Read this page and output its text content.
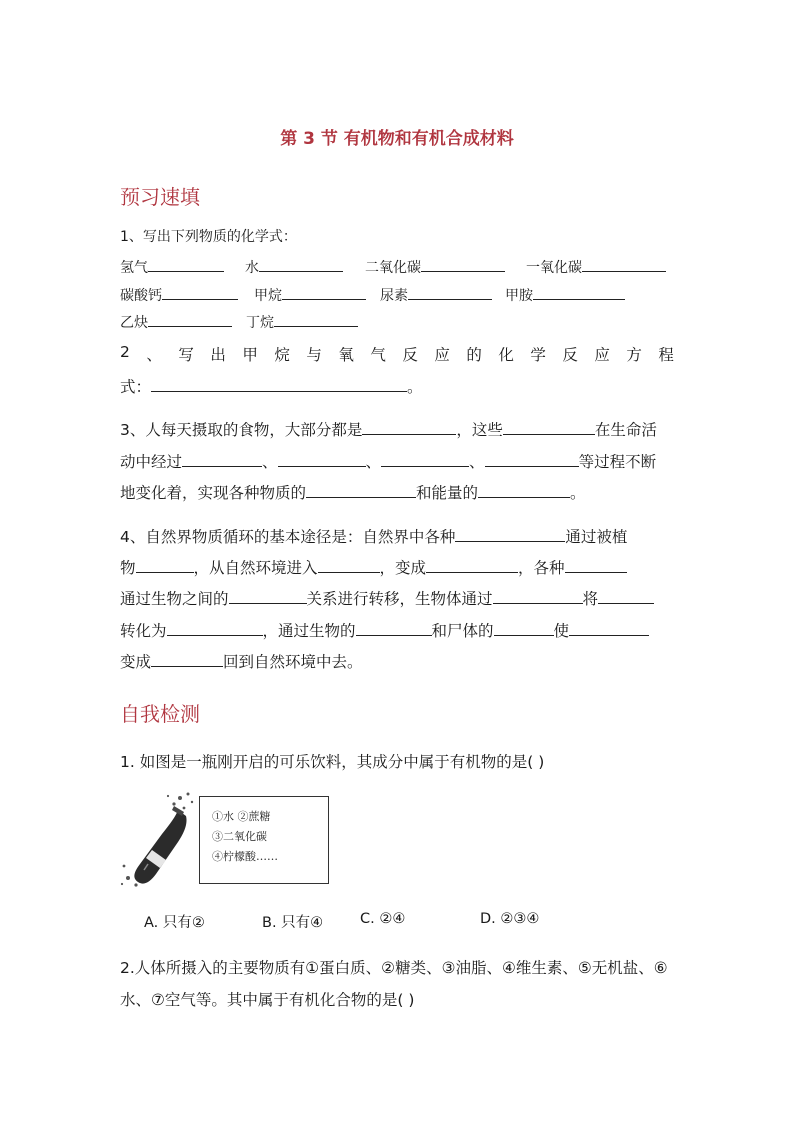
第 3 节 有机物和有机合成材料
预习速填
1、写出下列物质的化学式：
氢气	水	二氧化碳	一氧化碳
碳酸钙	甲烷	尿素	甲胺
乙炔	丁烷
2 、 写 出 甲 烷 与 氧 气 反 应 的 化 学 反 应 方 程
式：	。
3、人每天摄取的食物，大部分都是	，这些	在生命活
动中经过	、	、	、	等过程不断
地变化着，实现各种物质的	和能量的	。
4、自然界物质循环的基本途径是：自然界中各种	通过被植
物	，从自然环境进入	，变成	，各种
通过生物之间的	关系进行转移，生物体通过	将
转化为	，通过生物的	和尸体的	使
变成	回到自然环境中去。
自我检测
1. 如图是一瓶刚开启的可乐饮料，其成分中属于有机物的是( )
①水 ②蔗糖
③二氧化碳
④柠檬酸……
A. 只有②	B. 只有④	C. ②④	D. ②③④
2.人体所摄入的主要物质有①蛋白质、②糖类、③油脂、④维生素、⑤无机盐、⑥
水、⑦空气等。其中属于有机化合物的是( )
